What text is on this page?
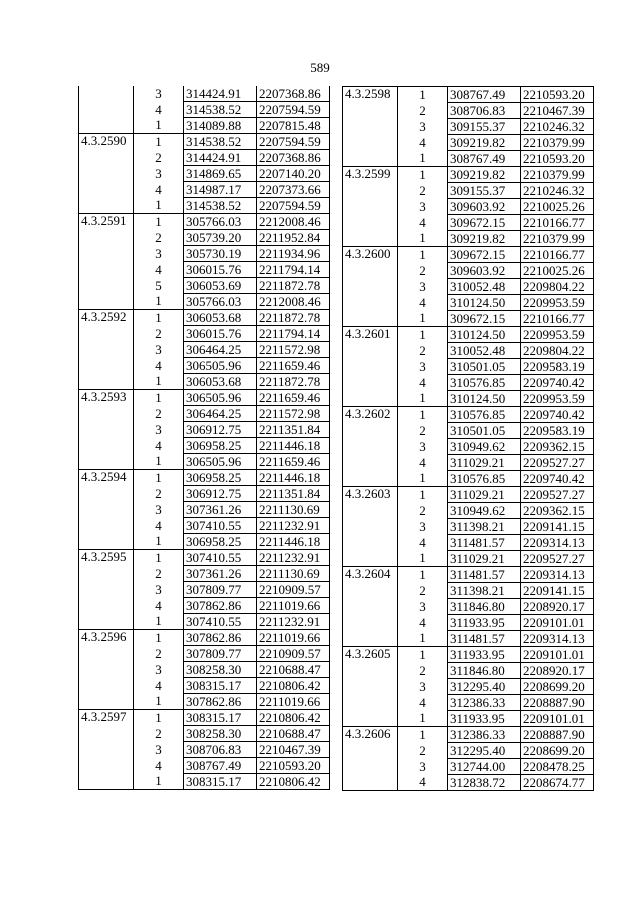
589
	3	314424.91	2207368.86
	4	314538.52	2207594.59
	1	314089.88	2207815.48
4.3.2590	1	314538.52	2207594.59
	2	314424.91	2207368.86
	3	314869.65	2207140.20
	4	314987.17	2207373.66
	1	314538.52	2207594.59
4.3.2591	1	305766.03	2212008.46
	2	305739.20	2211952.84
	3	305730.19	2211934.96
	4	306015.76	2211794.14
	5	306053.69	2211872.78
	1	305766.03	2212008.46
4.3.2592	1	306053.68	2211872.78
	2	306015.76	2211794.14
	3	306464.25	2211572.98
	4	306505.96	2211659.46
	1	306053.68	2211872.78
4.3.2593	1	306505.96	2211659.46
	2	306464.25	2211572.98
	3	306912.75	2211351.84
	4	306958.25	2211446.18
	1	306505.96	2211659.46
4.3.2594	1	306958.25	2211446.18
	2	306912.75	2211351.84
	3	307361.26	2211130.69
	4	307410.55	2211232.91
	1	306958.25	2211446.18
4.3.2595	1	307410.55	2211232.91
	2	307361.26	2211130.69
	3	307809.77	2210909.57
	4	307862.86	2211019.66
	1	307410.55	2211232.91
4.3.2596	1	307862.86	2211019.66
	2	307809.77	2210909.57
	3	308258.30	2210688.47
	4	308315.17	2210806.42
	1	307862.86	2211019.66
4.3.2597	1	308315.17	2210806.42
	2	308258.30	2210688.47
	3	308706.83	2210467.39
	4	308767.49	2210593.20
	1	308315.17	2210806.42
4.3.2598	1	308767.49	2210593.20
	2	308706.83	2210467.39
	3	309155.37	2210246.32
	4	309219.82	2210379.99
	1	308767.49	2210593.20
4.3.2599	1	309219.82	2210379.99
	2	309155.37	2210246.32
	3	309603.92	2210025.26
	4	309672.15	2210166.77
	1	309219.82	2210379.99
4.3.2600	1	309672.15	2210166.77
	2	309603.92	2210025.26
	3	310052.48	2209804.22
	4	310124.50	2209953.59
	1	309672.15	2210166.77
4.3.2601	1	310124.50	2209953.59
	2	310052.48	2209804.22
	3	310501.05	2209583.19
	4	310576.85	2209740.42
	1	310124.50	2209953.59
4.3.2602	1	310576.85	2209740.42
	2	310501.05	2209583.19
	3	310949.62	2209362.15
	4	311029.21	2209527.27
	1	310576.85	2209740.42
4.3.2603	1	311029.21	2209527.27
	2	310949.62	2209362.15
	3	311398.21	2209141.15
	4	311481.57	2209314.13
	1	311029.21	2209527.27
4.3.2604	1	311481.57	2209314.13
	2	311398.21	2209141.15
	3	311846.80	2208920.17
	4	311933.95	2209101.01
	1	311481.57	2209314.13
4.3.2605	1	311933.95	2209101.01
	2	311846.80	2208920.17
	3	312295.40	2208699.20
	4	312386.33	2208887.90
	1	311933.95	2209101.01
4.3.2606	1	312386.33	2208887.90
	2	312295.40	2208699.20
	3	312744.00	2208478.25
	4	312838.72	2208674.77
